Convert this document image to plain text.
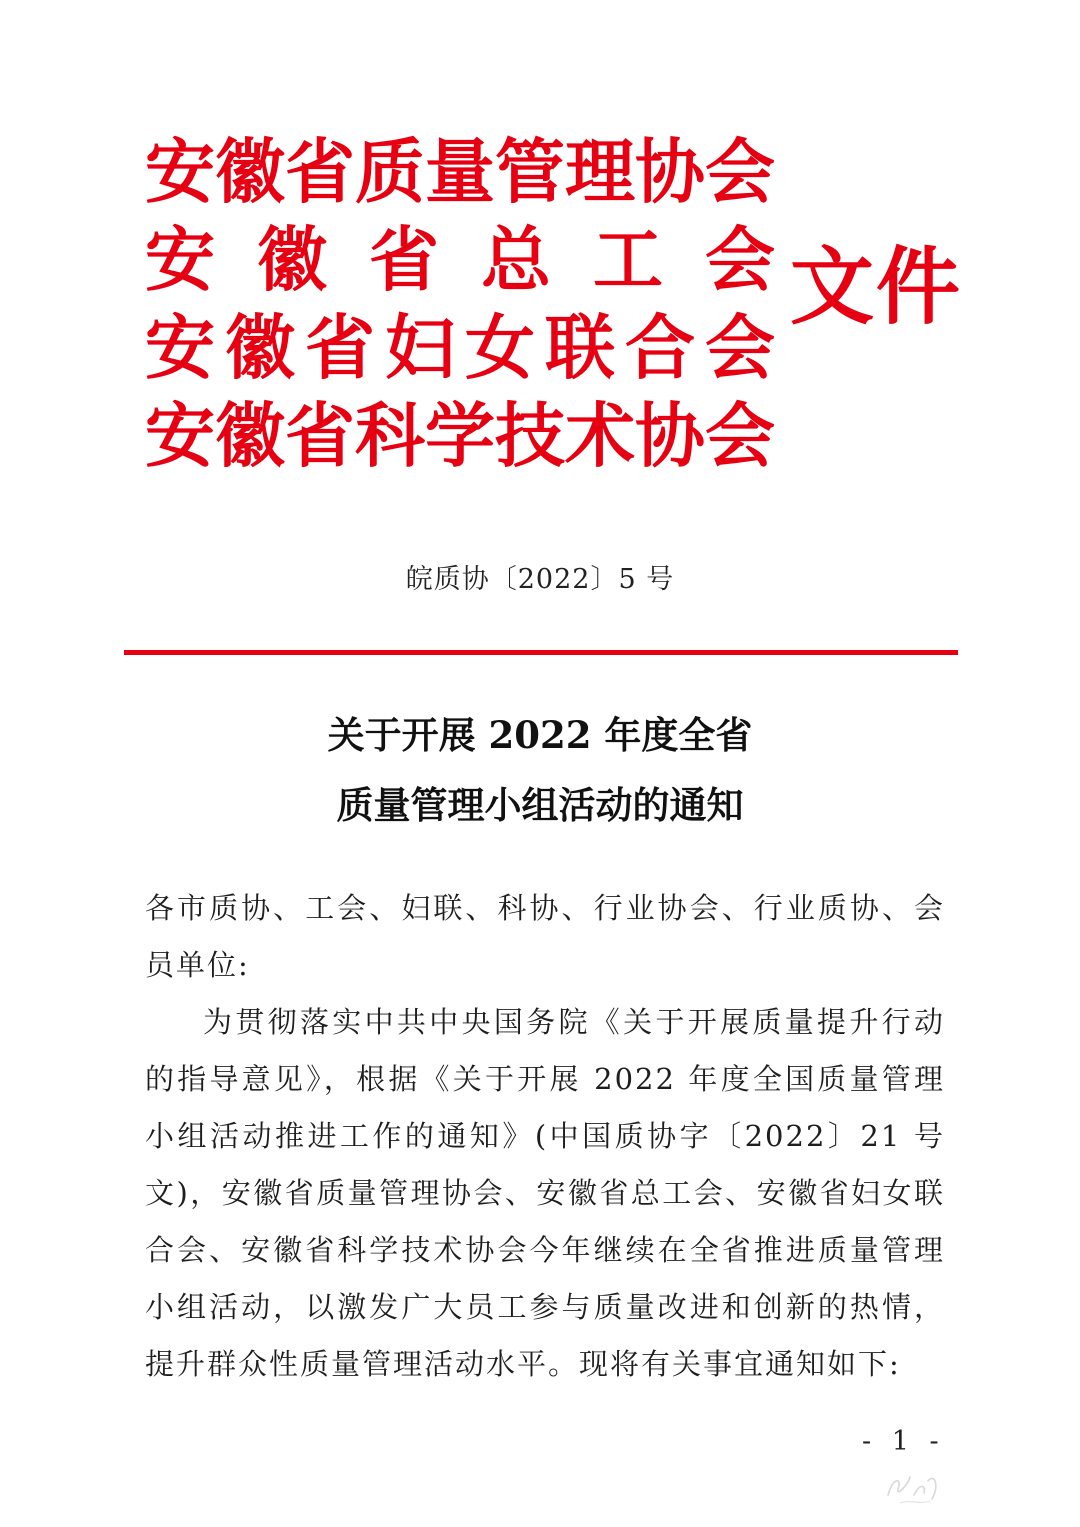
安 徽 省 质 量 管 理 协 会
安 徽 省 总 工 会
安 徽 省 妇 女 联 合 会
安 徽 省 科 学 技 术 协 会
文件
皖质协〔2022〕5 号
关于开展 2022 年度全省
质量管理小组活动的通知

各市质协、工会、妇联、科协、行业协会、行业质协、会员单位:

为贯彻落实中共中央国务院《关于开展质量提升行动的指导意见》，根据《关于开展 2022 年度全国质量管理小组活动推进工作的通知》(中国质协字〔2022〕21 号文)，安徽省质量管理协会、安徽省总工会、安徽省妇女联合会、安徽省科学技术协会今年继续在全省推进质量管理小组活动，以激发广大员工参与质量改进和创新的热情，提升群众性质量管理活动水平。现将有关事宜通知如下:

- 1 -
